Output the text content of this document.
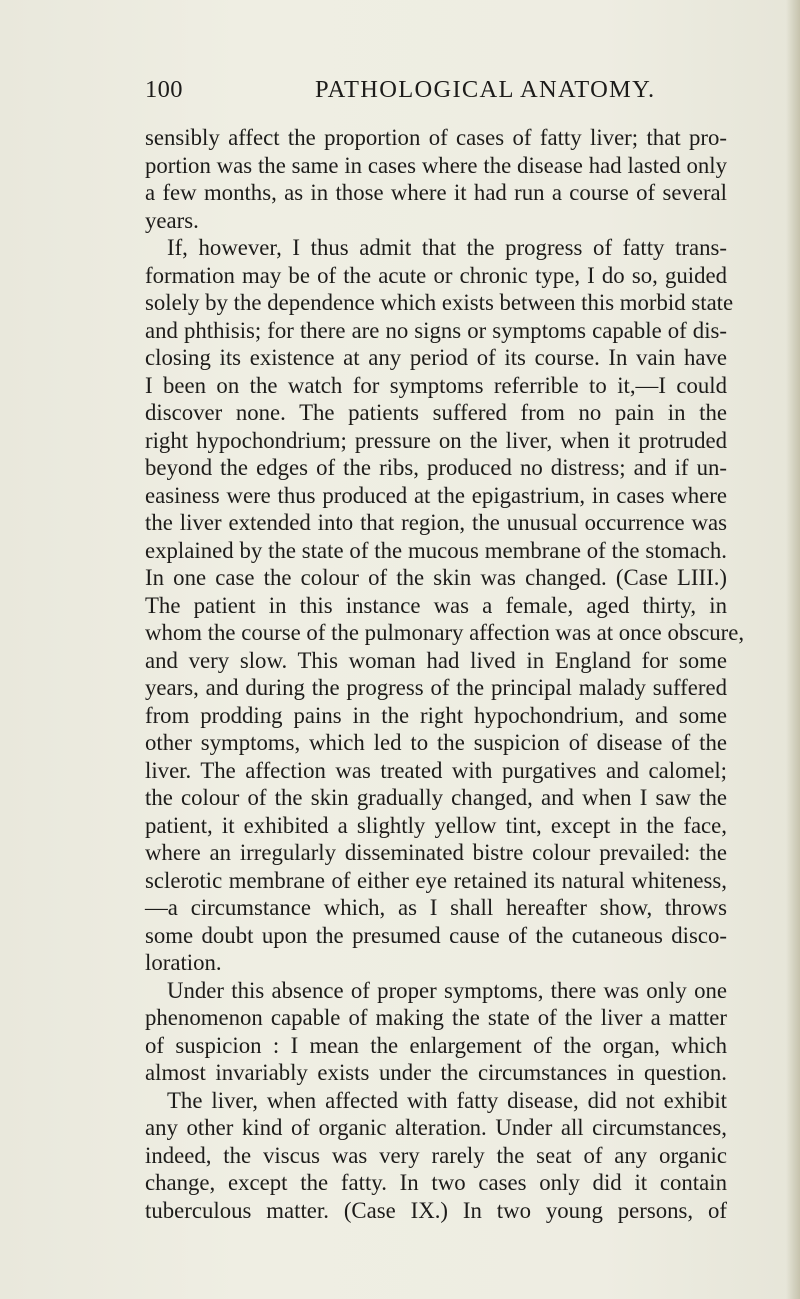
100	PATHOLOGICAL ANATOMY.
sensibly affect the proportion of cases of fatty liver; that pro-
portion was the same in cases where the disease had lasted only
a few months, as in those where it had run a course of several
years.
If, however, I thus admit that the progress of fatty trans-
formation may be of the acute or chronic type, I do so, guided
solely by the dependence which exists between this morbid state
and phthisis; for there are no signs or symptoms capable of dis-
closing its existence at any period of its course. In vain have
I been on the watch for symptoms referrible to it,—I could
discover none. The patients suffered from no pain in the
right hypochondrium; pressure on the liver, when it protruded
beyond the edges of the ribs, produced no distress; and if un-
easiness were thus produced at the epigastrium, in cases where
the liver extended into that region, the unusual occurrence was
explained by the state of the mucous membrane of the stomach.
In one case the colour of the skin was changed. (Case LIII.)
The patient in this instance was a female, aged thirty, in
whom the course of the pulmonary affection was at once obscure,
and very slow. This woman had lived in England for some
years, and during the progress of the principal malady suffered
from prodding pains in the right hypochondrium, and some
other symptoms, which led to the suspicion of disease of the
liver. The affection was treated with purgatives and calomel;
the colour of the skin gradually changed, and when I saw the
patient, it exhibited a slightly yellow tint, except in the face,
where an irregularly disseminated bistre colour prevailed: the
sclerotic membrane of either eye retained its natural whiteness,
—a circumstance which, as I shall hereafter show, throws
some doubt upon the presumed cause of the cutaneous disco-
loration.
Under this absence of proper symptoms, there was only one
phenomenon capable of making the state of the liver a matter
of suspicion : I mean the enlargement of the organ, which
almost invariably exists under the circumstances in question.
The liver, when affected with fatty disease, did not exhibit
any other kind of organic alteration. Under all circumstances,
indeed, the viscus was very rarely the seat of any organic
change, except the fatty. In two cases only did it contain
tuberculous matter. (Case IX.) In two young persons, of
